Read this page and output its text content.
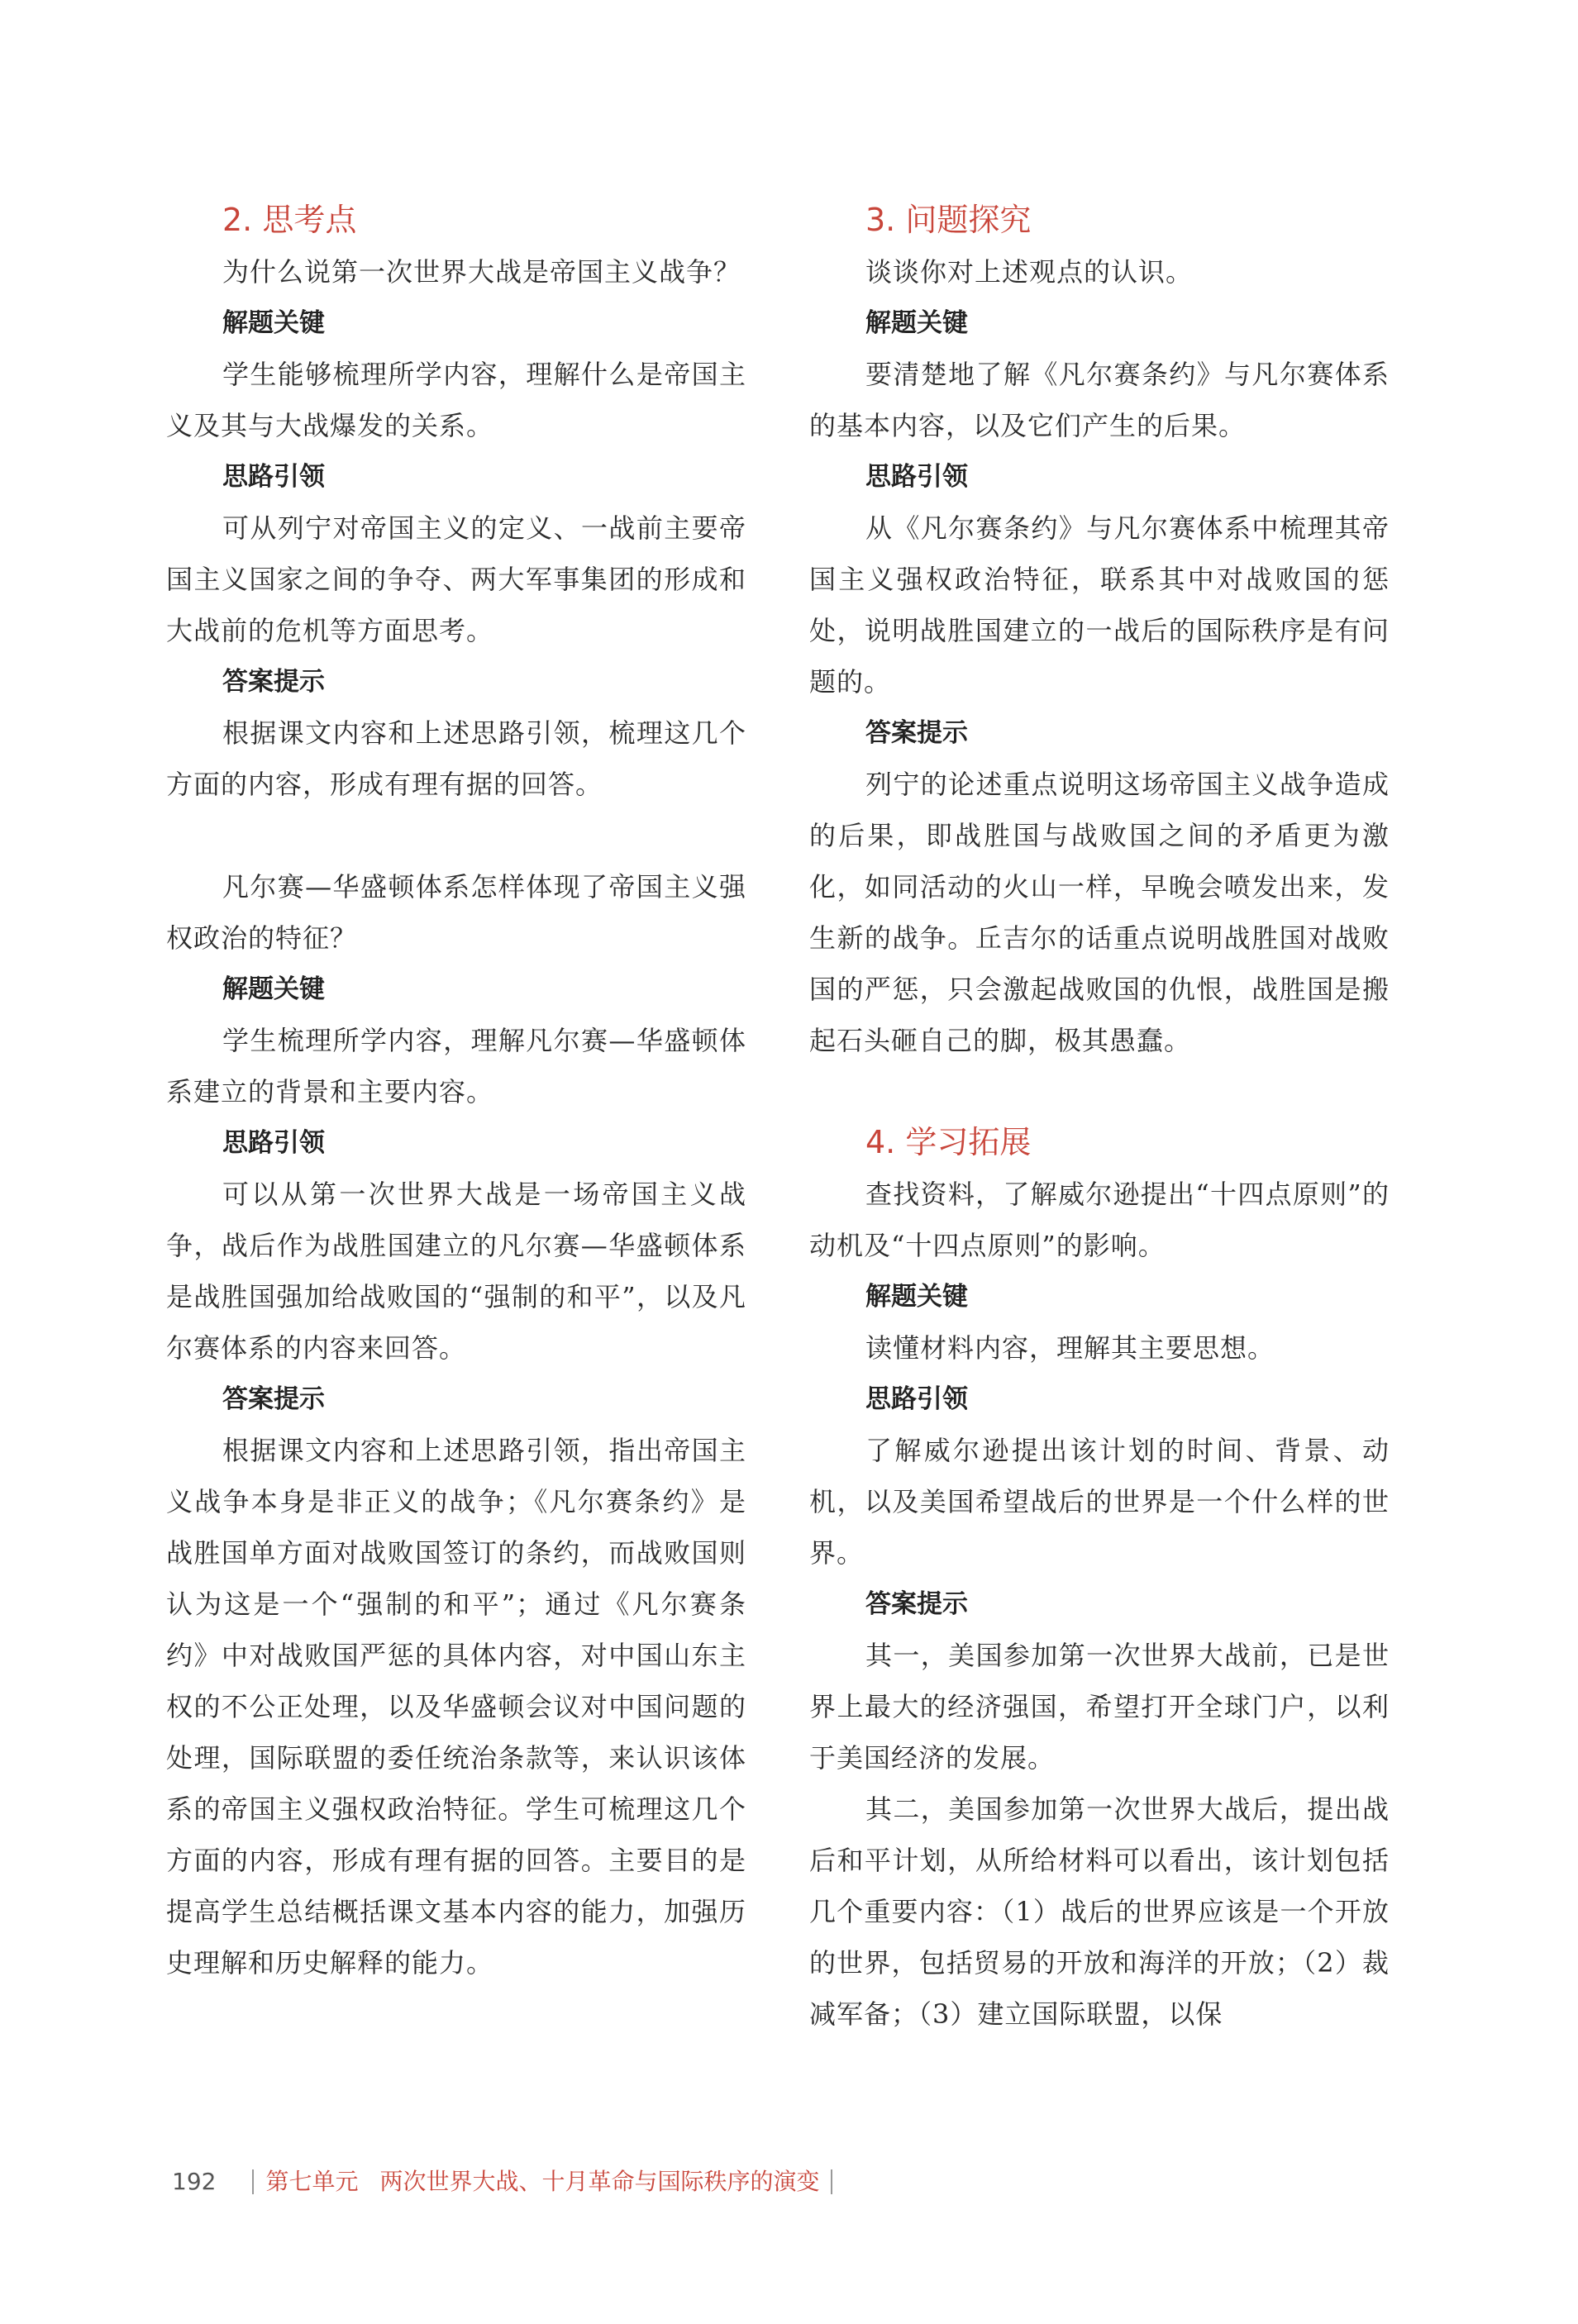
2. 思考点

为什么说第一次世界大战是帝国主义战争？

解题关键

学生能够梳理所学内容，理解什么是帝国主义及其与大战爆发的关系。

思路引领

可从列宁对帝国主义的定义、一战前主要帝国主义国家之间的争夺、两大军事集团的形成和大战前的危机等方面思考。

答案提示

根据课文内容和上述思路引领，梳理这几个方面的内容，形成有理有据的回答。

凡尔赛—华盛顿体系怎样体现了帝国主义强权政治的特征？

解题关键

学生梳理所学内容，理解凡尔赛—华盛顿体系建立的背景和主要内容。

思路引领

可以从第一次世界大战是一场帝国主义战争，战后作为战胜国建立的凡尔赛—华盛顿体系是战胜国强加给战败国的“强制的和平”，以及凡尔赛体系的内容来回答。

答案提示

根据课文内容和上述思路引领，指出帝国主义战争本身是非正义的战争；《凡尔赛条约》是战胜国单方面对战败国签订的条约，而战败国则认为这是一个“强制的和平”；通过《凡尔赛条约》中对战败国严惩的具体内容，对中国山东主权的不公正处理，以及华盛顿会议对中国问题的处理，国际联盟的委任统治条款等，来认识该体系的帝国主义强权政治特征。学生可梳理这几个方面的内容，形成有理有据的回答。主要目的是提高学生总结概括课文基本内容的能力，加强历史理解和历史解释的能力。

3. 问题探究

谈谈你对上述观点的认识。

解题关键

要清楚地了解《凡尔赛条约》与凡尔赛体系的基本内容，以及它们产生的后果。

思路引领

从《凡尔赛条约》与凡尔赛体系中梳理其帝国主义强权政治特征，联系其中对战败国的惩处，说明战胜国建立的一战后的国际秩序是有问题的。

答案提示

列宁的论述重点说明这场帝国主义战争造成的后果，即战胜国与战败国之间的矛盾更为激化，如同活动的火山一样，早晚会喷发出来，发生新的战争。丘吉尔的话重点说明战胜国对战败国的严惩，只会激起战败国的仇恨，战胜国是搬起石头砸自己的脚，极其愚蠢。

4. 学习拓展

查找资料，了解威尔逊提出“十四点原则”的动机及“十四点原则”的影响。

解题关键

读懂材料内容，理解其主要思想。

思路引领

了解威尔逊提出该计划的时间、背景、动机，以及美国希望战后的世界是一个什么样的世界。

答案提示

其一，美国参加第一次世界大战前，已是世界上最大的经济强国，希望打开全球门户，以利于美国经济的发展。

其二，美国参加第一次世界大战后，提出战后和平计划，从所给材料可以看出，该计划包括几个重要内容：（1）战后的世界应该是一个开放的世界，包括贸易的开放和海洋的开放；（2）裁减军备；（3）建立国际联盟，以保

192 第七单元 两次世界大战、十月革命与国际秩序的演变
